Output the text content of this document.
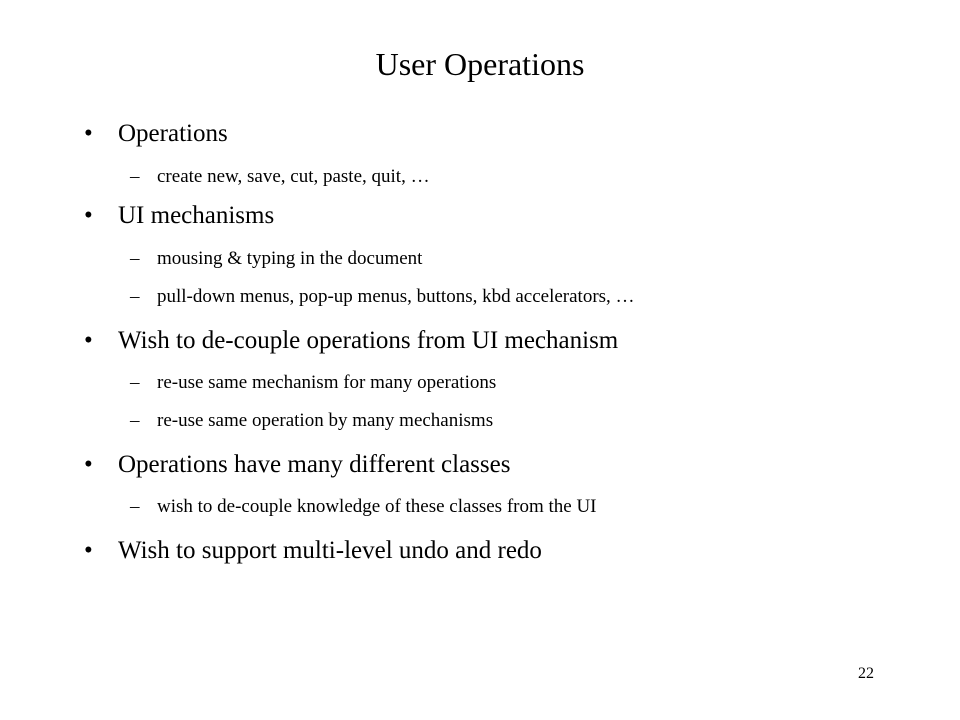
User Operations
• Operations
– create new, save, cut, paste, quit, …
• UI mechanisms
– mousing & typing in the document
– pull-down menus, pop-up menus, buttons, kbd accelerators, …
• Wish to de-couple operations from UI mechanism
– re-use same mechanism for many operations
– re-use same operation by many mechanisms
• Operations have many different classes
– wish to de-couple knowledge of these classes from the UI
• Wish to support multi-level undo and redo
22
